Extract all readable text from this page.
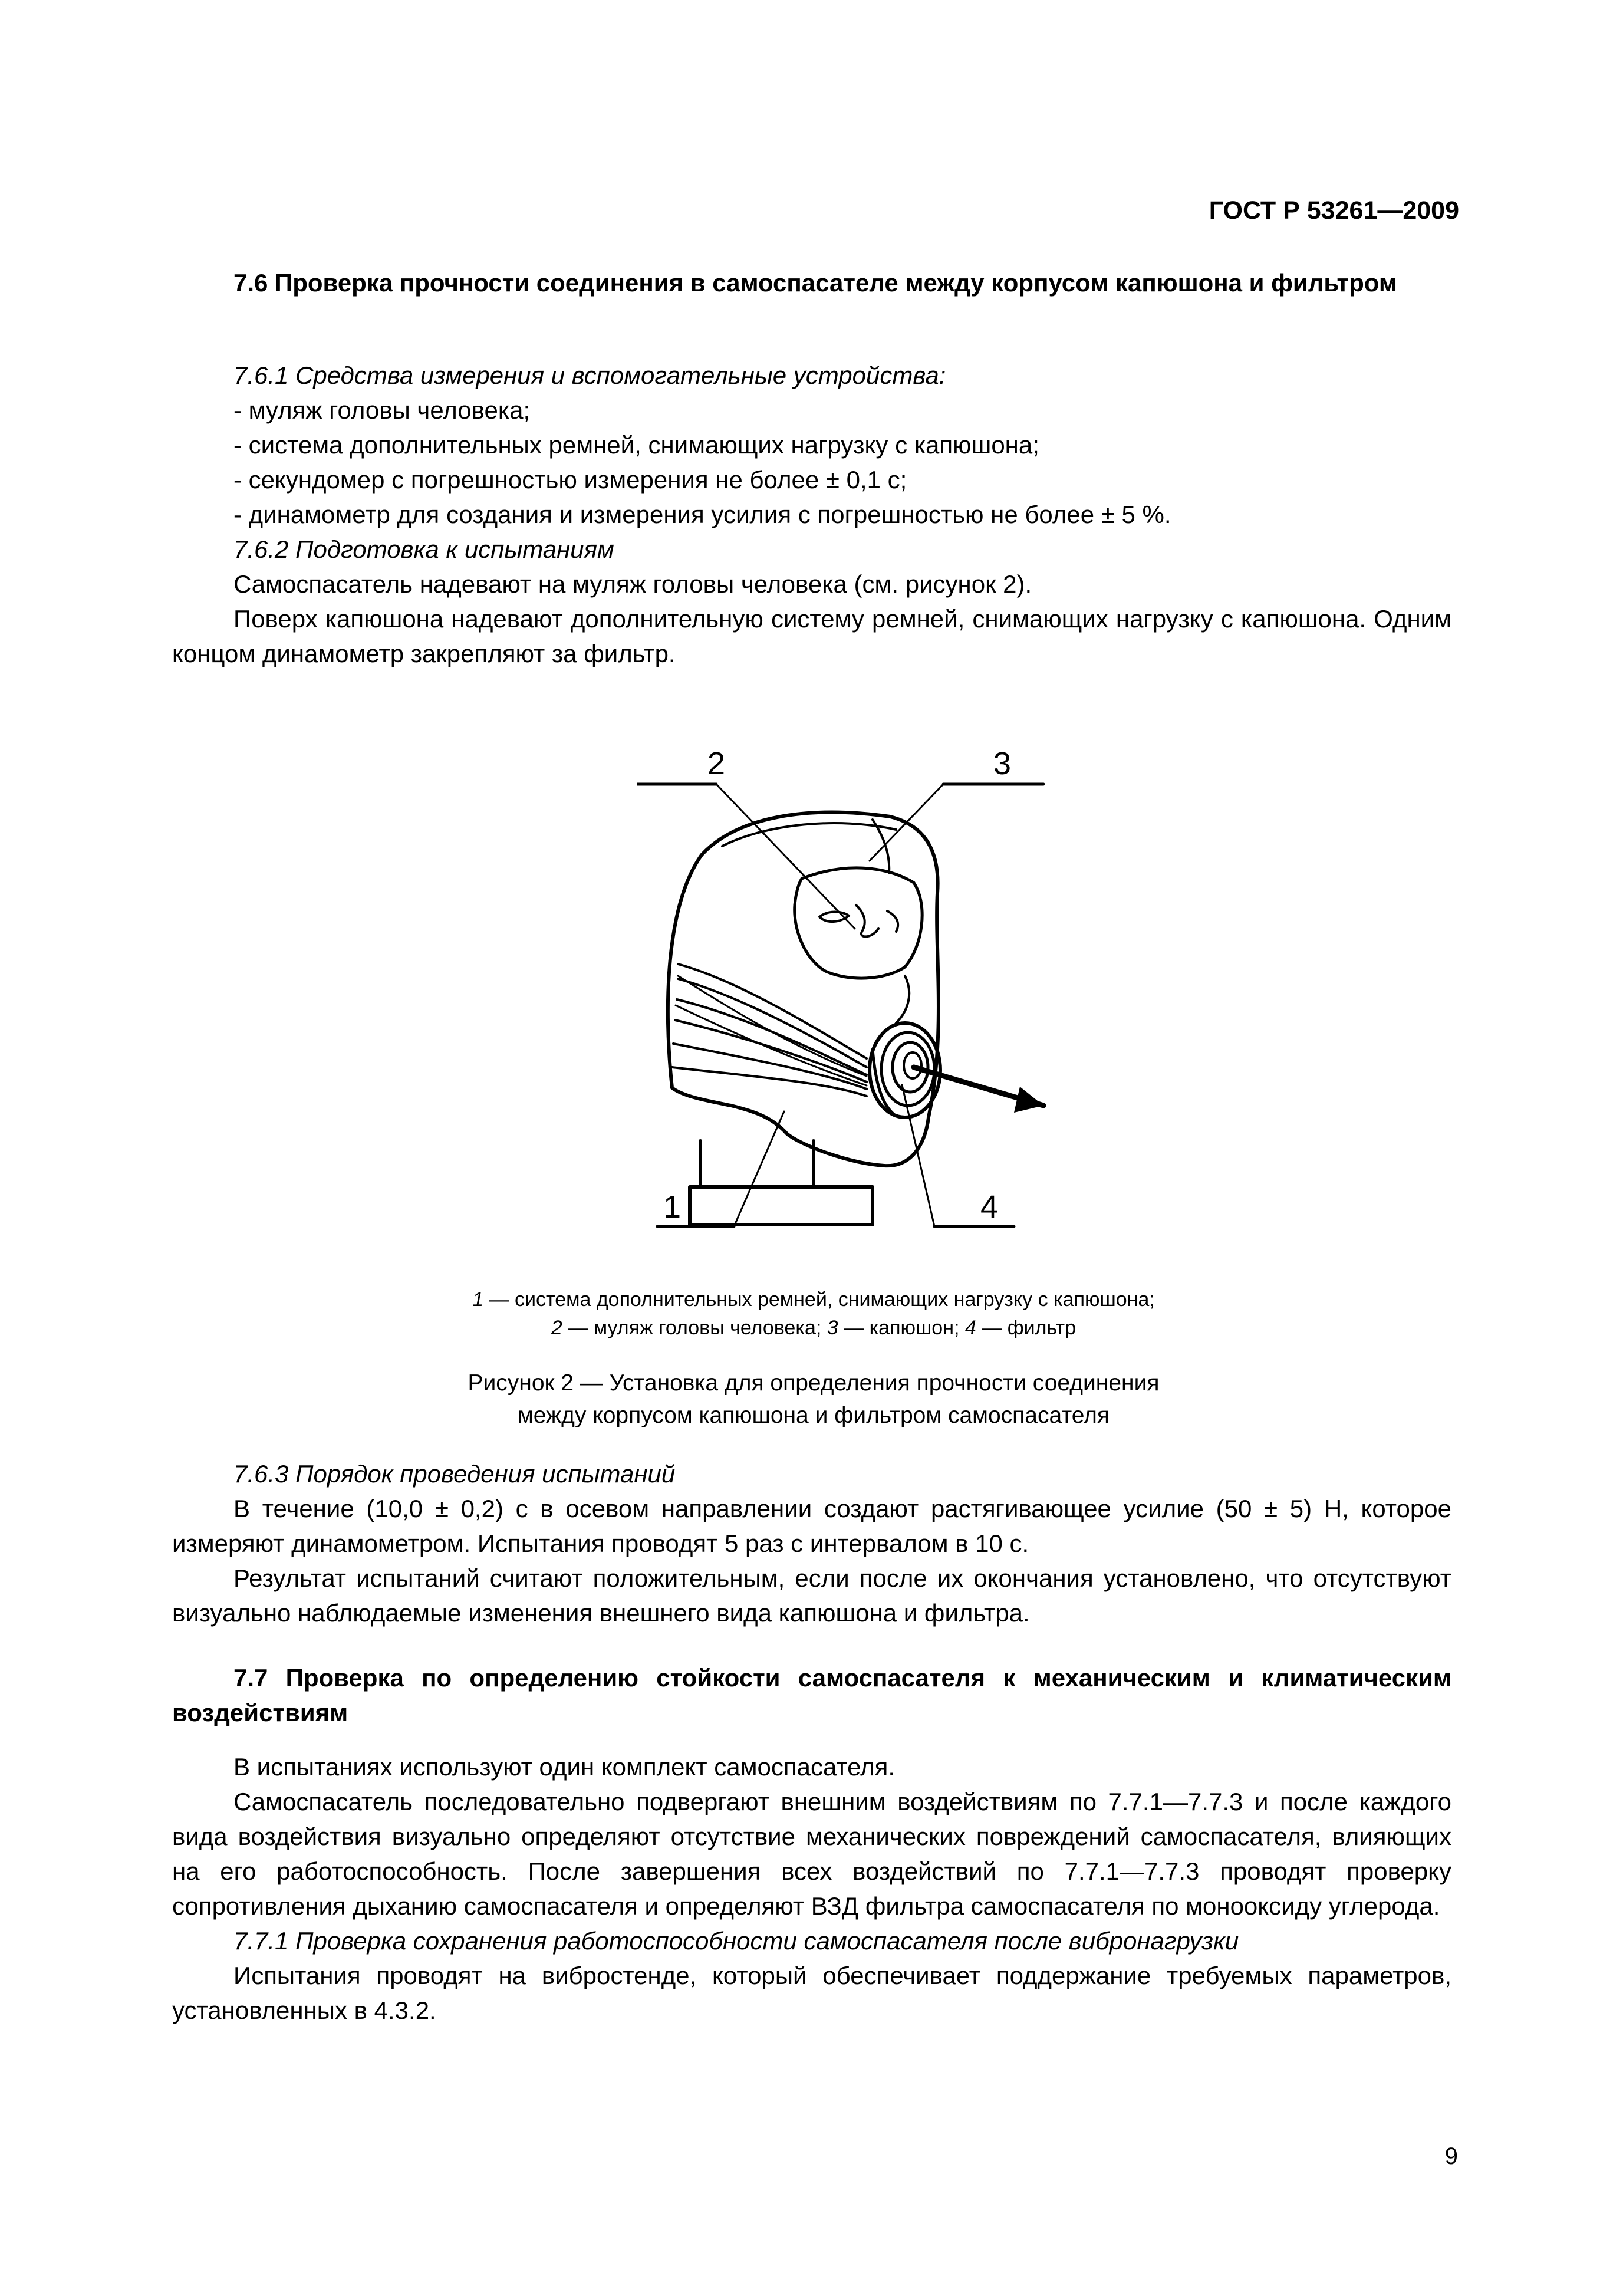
ГОСТ Р 53261—2009

7.6 Проверка прочности соединения в самоспасателе между корпусом капюшона и фильтром

7.6.1 Средства измерения и вспомогательные устройства:

- муляж головы человека;

- система дополнительных ремней, снимающих нагрузку с капюшона;

- секундомер с погрешностью измерения не более ± 0,1 с;

- динамометр для создания и измерения усилия с погрешностью не более ± 5 %.

7.6.2 Подготовка к испытаниям

Самоспасатель надевают на муляж головы человека (см. рисунок 2).

Поверх капюшона надевают дополнительную систему ремней, снимающих нагрузку с капюшона. Одним концом динамометр закрепляют за фильтр.

2	3
1	4
1 — система дополнительных ремней, снимающих нагрузку с капюшона;
2 — муляж головы человека; 3 — капюшон; 4 — фильтр
Рисунок 2 — Установка для определения прочности соединения
между корпусом капюшона и фильтром самоспасателя

7.6.3 Порядок проведения испытаний

В течение (10,0 ± 0,2) с в осевом направлении создают растягивающее усилие (50 ± 5) Н, которое измеряют динамометром. Испытания проводят 5 раз с интервалом в 10 с.

Результат испытаний считают положительным, если после их окончания установлено, что отсутствуют визуально наблюдаемые изменения внешнего вида капюшона и фильтра.

7.7 Проверка по определению стойкости самоспасателя к механическим и климатическим воздействиям

В испытаниях используют один комплект самоспасателя.

Самоспасатель последовательно подвергают внешним воздействиям по 7.7.1—7.7.3 и после каждого вида воздействия визуально определяют отсутствие механических повреждений самоспасателя, влияющих на его работоспособность. После завершения всех воздействий по 7.7.1—7.7.3 проводят проверку сопротивления дыханию самоспасателя и определяют ВЗД фильтра самоспасателя по монооксиду углерода.

7.7.1 Проверка сохранения работоспособности самоспасателя после вибронагрузки

Испытания проводят на вибростенде, который обеспечивает поддержание требуемых параметров, установленных в 4.3.2.

9
